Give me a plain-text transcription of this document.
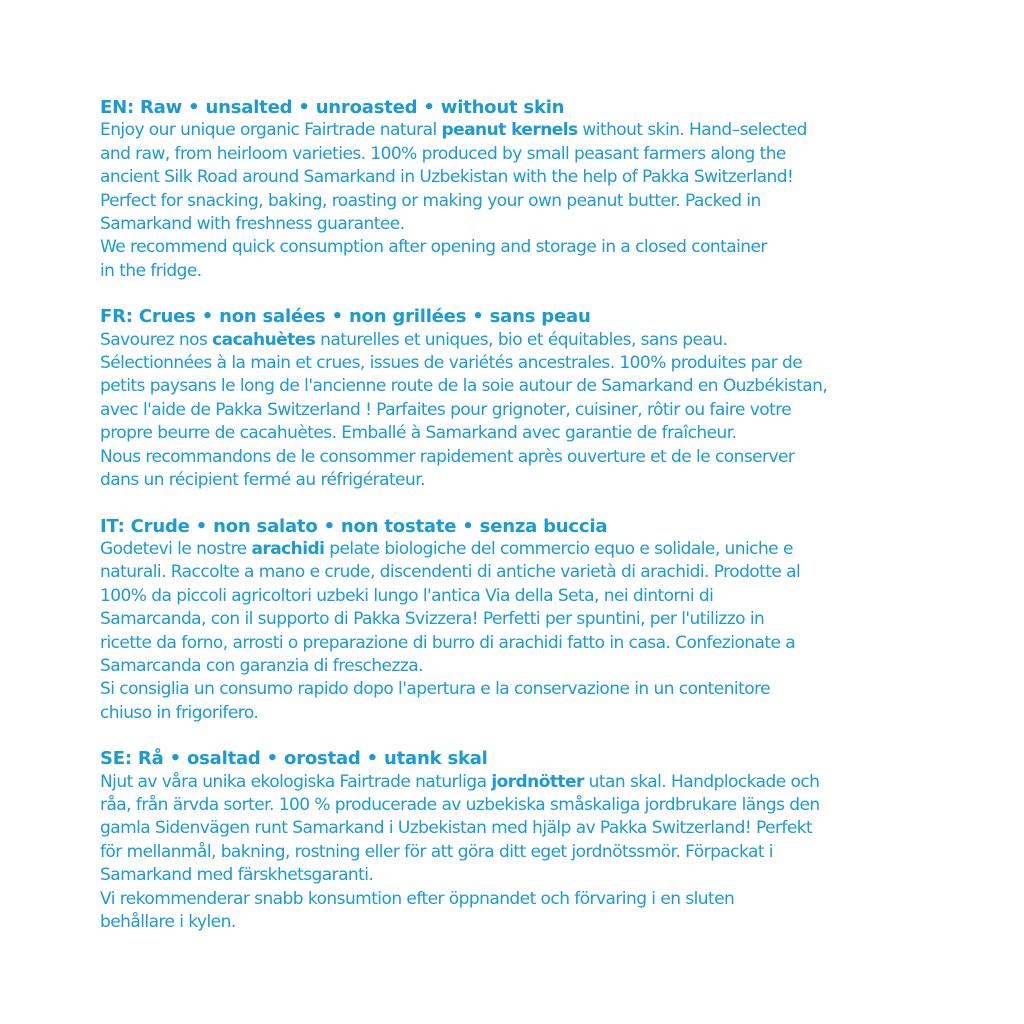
EN: Raw • unsalted • unroasted • without skin

Enjoy our unique organic Fairtrade natural peanut kernels without skin. Hand–selected

and raw, from heirloom varieties. 100% produced by small peasant farmers along the

ancient Silk Road around Samarkand in Uzbekistan with the help of Pakka Switzerland!

Perfect for snacking, baking, roasting or making your own peanut butter. Packed in

Samarkand with freshness guarantee.

We recommend quick consumption after opening and storage in a closed container

in the fridge.

FR: Crues • non salées • non grillées • sans peau

Savourez nos cacahuètes naturelles et uniques, bio et équitables, sans peau.

Sélectionnées à la main et crues, issues de variétés ancestrales. 100% produites par de

petits paysans le long de l'ancienne route de la soie autour de Samarkand en Ouzbékistan,

avec l'aide de Pakka Switzerland ! Parfaites pour grignoter, cuisiner, rôtir ou faire votre

propre beurre de cacahuètes. Emballé à Samarkand avec garantie de fraîcheur.

Nous recommandons de le consommer rapidement après ouverture et de le conserver

dans un récipient fermé au réfrigérateur.

IT: Crude • non salato • non tostate • senza buccia

Godetevi le nostre arachidi pelate biologiche del commercio equo e solidale, uniche e

naturali. Raccolte a mano e crude, discendenti di antiche varietà di arachidi. Prodotte al

100% da piccoli agricoltori uzbeki lungo l'antica Via della Seta, nei dintorni di

Samarcanda, con il supporto di Pakka Svizzera! Perfetti per spuntini, per l'utilizzo in

ricette da forno, arrosti o preparazione di burro di arachidi fatto in casa. Confezionate a

Samarcanda con garanzia di freschezza.

Si consiglia un consumo rapido dopo l'apertura e la conservazione in un contenitore

chiuso in frigorifero.

SE: Rå • osaltad • orostad • utank skal

Njut av våra unika ekologiska Fairtrade naturliga jordnötter utan skal. Handplockade och

råa, från ärvda sorter. 100 % producerade av uzbekiska småskaliga jordbrukare längs den

gamla Sidenvägen runt Samarkand i Uzbekistan med hjälp av Pakka Switzerland! Perfekt

för mellanmål, bakning, rostning eller för att göra ditt eget jordnötssmör. Förpackat i

Samarkand med färskhetsgaranti.

Vi rekommenderar snabb konsumtion efter öppnandet och förvaring i en sluten

behållare i kylen.
